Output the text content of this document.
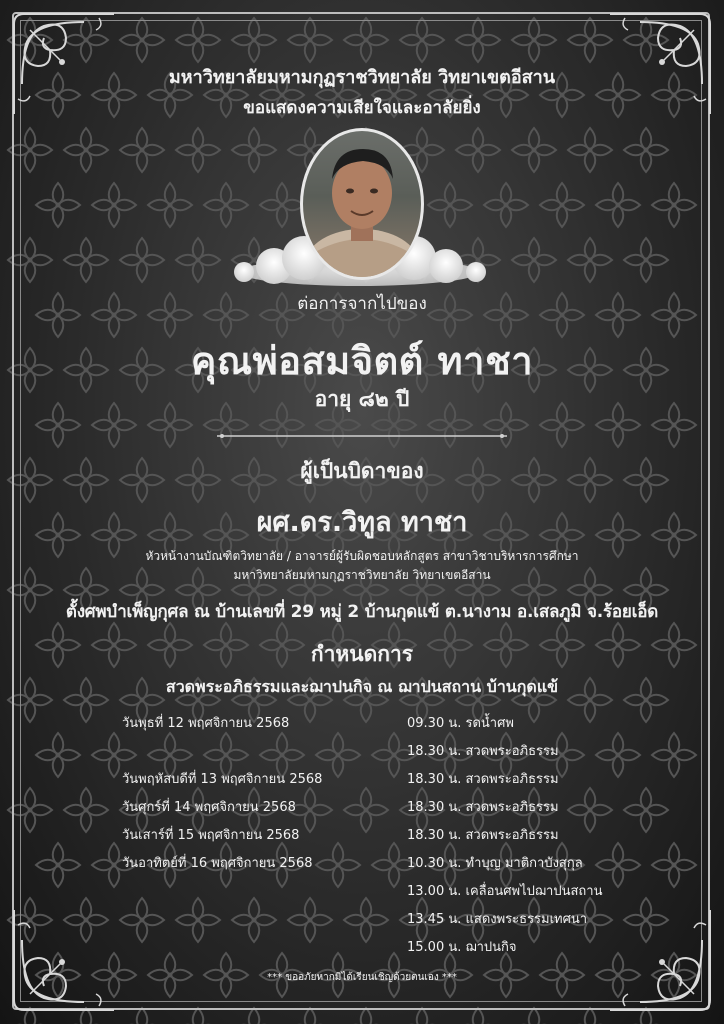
มหาวิทยาลัยมหามกุฏราชวิทยาลัย วิทยาเขตอีสาน
ขอแสดงความเสียใจและอาลัยยิ่ง
ต่อการจากไปของ
คุณพ่อสมจิตต์ ทาชา
อายุ ๘๒ ปี
ผู้เป็นบิดาของ
ผศ.ดร.วิทูล ทาชา
หัวหน้างานบัณฑิตวิทยาลัย / อาจารย์ผู้รับผิดชอบหลักสูตร สาขาวิชาบริหารการศึกษา
มหาวิทยาลัยมหามกุฏราชวิทยาลัย วิทยาเขตอีสาน
ตั้งศพบำเพ็ญกุศล ณ บ้านเลขที่ 29 หมู่ 2 บ้านกุดแข้ ต.นางาม อ.เสลภูมิ จ.ร้อยเอ็ด
กำหนดการ
สวดพระอภิธรรมและฌาปนกิจ ณ ฌาปนสถาน บ้านกุดแข้
วันพุธที่ 12 พฤศจิกายน 2568
วันพฤหัสบดีที่ 13 พฤศจิกายน 2568
วันศุกร์ที่ 14 พฤศจิกายน 2568
วันเสาร์ที่ 15 พฤศจิกายน 2568
วันอาทิตย์ที่ 16 พฤศจิกายน 2568
09.30 น. รดน้ำศพ
18.30 น. สวดพระอภิธรรม
18.30 น. สวดพระอภิธรรม
18.30 น. สวดพระอภิธรรม
18.30 น. สวดพระอภิธรรม
10.30 น. ทำบุญ มาติกาบังสุกุล
13.00 น. เคลื่อนศพไปฌาปนสถาน
13.45 น. แสดงพระธรรมเทศนา
15.00 น. ฌาปนกิจ
*** ขออภัยหากมิได้เรียนเชิญด้วยตนเอง ***
